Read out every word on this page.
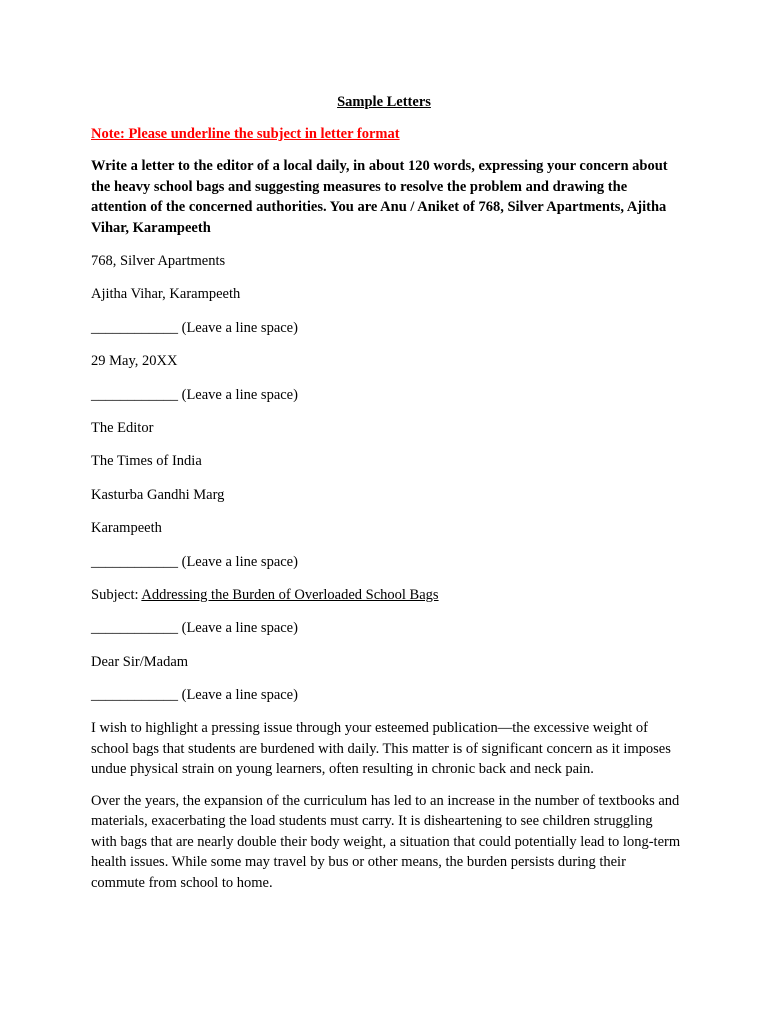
Sample Letters
Note: Please underline the subject in letter format
Write a letter to the editor of a local daily, in about 120 words, expressing your concern about the heavy school bags and suggesting measures to resolve the problem and drawing the attention of the concerned authorities. You are Anu / Aniket of 768, Silver Apartments, Ajitha Vihar, Karampeeth
768, Silver Apartments
Ajitha Vihar, Karampeeth
____________ (Leave a line space)
29 May, 20XX
____________ (Leave a line space)
The Editor
The Times of India
Kasturba Gandhi Marg
Karampeeth
____________ (Leave a line space)
Subject: Addressing the Burden of Overloaded School Bags
____________ (Leave a line space)
Dear Sir/Madam
____________ (Leave a line space)
I wish to highlight a pressing issue through your esteemed publication—the excessive weight of school bags that students are burdened with daily. This matter is of significant concern as it imposes undue physical strain on young learners, often resulting in chronic back and neck pain.
Over the years, the expansion of the curriculum has led to an increase in the number of textbooks and materials, exacerbating the load students must carry. It is disheartening to see children struggling with bags that are nearly double their body weight, a situation that could potentially lead to long-term health issues. While some may travel by bus or other means, the burden persists during their commute from school to home.
